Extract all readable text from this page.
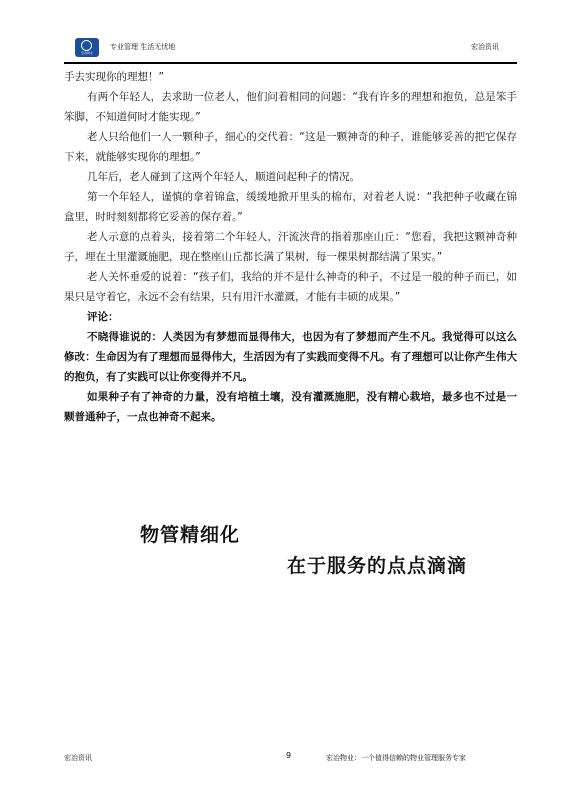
宏冶物业
专业管理 生活无忧地	宏冶资讯

手去实现你的理想！”

有两个年轻人，去求助一位老人，他们问着相同的问题：“我有许多的理想和抱负，总是笨手笨脚，不知道何时才能实现。”

老人只给他们一人一颗种子，细心的交代着：“这是一颗神奇的种子，谁能够妥善的把它保存下来，就能够实现你的理想。”

几年后，老人碰到了这两个年轻人，顺道问起种子的情况。

第一个年轻人，谨慎的拿着锦盒，缓缓地掀开里头的棉布，对着老人说：“我把种子收藏在锦盒里，时时刻刻都将它妥善的保存着。”

老人示意的点着头，接着第二个年轻人，汗流浃背的指着那座山丘：“您看，我把这颗神奇种子，埋在土里灌溉施肥，现在整座山丘都长满了果树，每一棵果树都结满了果实。”

老人关怀垂爱的说着：“孩子们，我给的并不是什么神奇的种子，不过是一般的种子而已，如果只是守着它，永远不会有结果，只有用汗水灌溉，才能有丰硕的成果。”

评论：

不晓得谁说的：人类因为有梦想而显得伟大，也因为有了梦想而产生不凡。我觉得可以这么修改：生命因为有了理想而显得伟大，生活因为有了实践而变得不凡。有了理想可以让你产生伟大的抱负，有了实践可以让你变得并不凡。

如果种子有了神奇的力量，没有培植土壤，没有灌溉施肥，没有精心栽培，最多也不过是一颗普通种子，一点也神奇不起来。

物管精细化
在于服务的点点滴滴
宏冶资讯	9	宏冶物业：一个值得信赖的物业管理服务专家
